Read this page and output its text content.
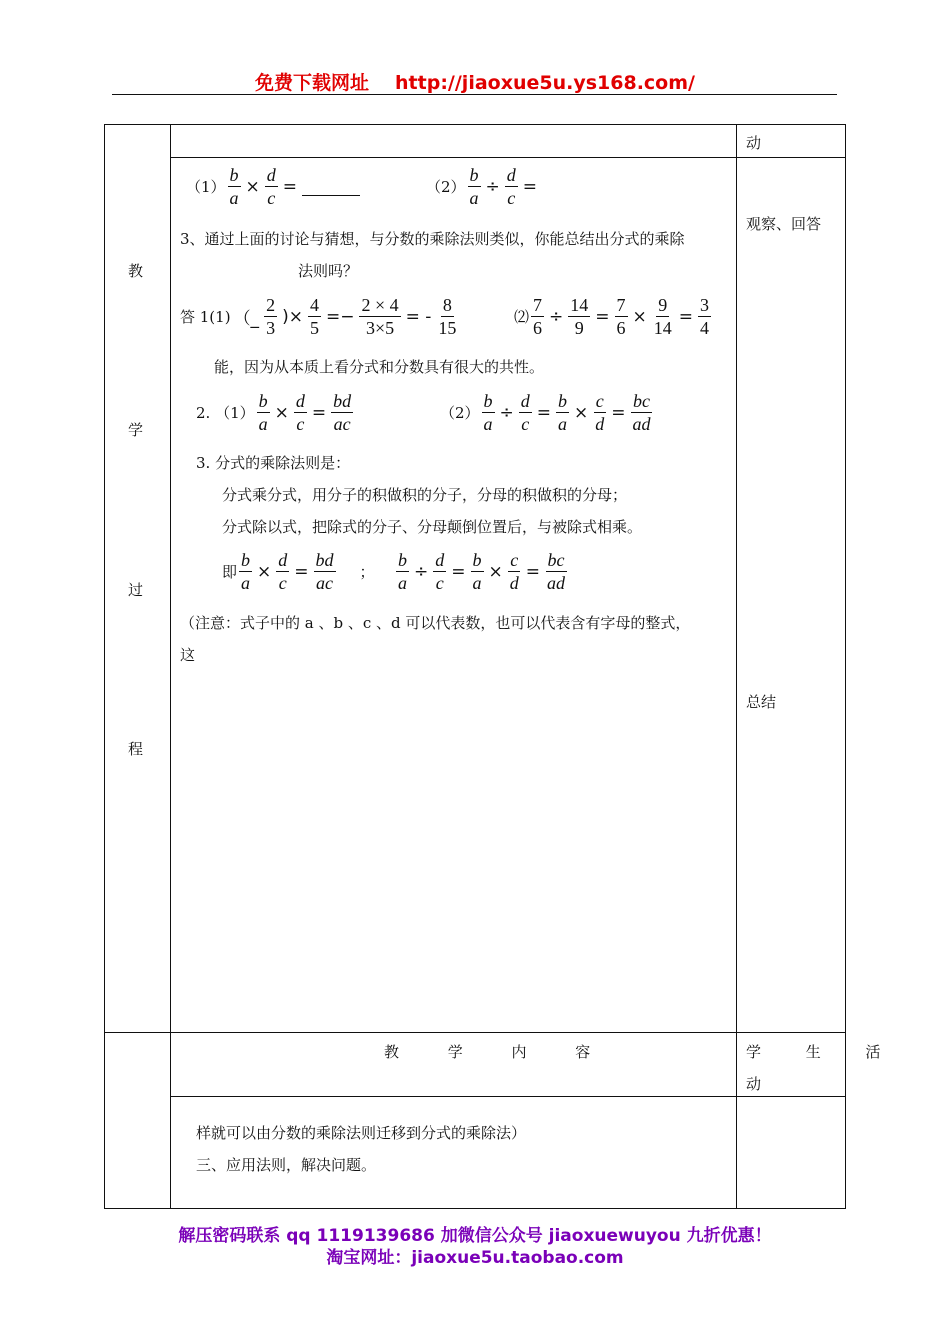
免费下载网址 http://jiaoxue5u.ys168.com/
教
学
过
程
动
观察、回答
总结
$(1) \frac{b}{a} \times \frac{d}{c}$ =	$(2) \frac{b}{a} \div \frac{d}{c}$ =
3、通过上面的讨论与猜想，与分数的乘除法则类似，你能总结出分式的乘除
法则吗？
答 1(1) （_ $\frac{2}{3}$ )× $\frac{4}{5} =- \frac{2 \times 4}{3\times 5}$ = - $\frac{8}{15}$	⑵ $\frac{7}{6} \div \frac{14}{9} = \frac{7}{6} \times \frac{9}{14} = \frac{3}{4}$
能，因为从本质上看分式和分数具有很大的共性。
2. $(1) \frac{b}{a} \times \frac{d}{c} = \frac{bd}{ac}$	$(2) \frac{b}{a} \div \frac{d}{c} = \frac{b}{a} \times \frac{c}{d} = \frac{bc}{ad}$
3. 分式的乘除法则是：
分式乘分式，用分子的积做积的分子，分母的积做积的分母；
分式除以式，把除式的分子、分母颠倒位置后，与被除式相乘。
即 $\frac{b}{a} \times \frac{d}{c} = \frac{bd}{ac}$ ； $\frac{b}{a} \div \frac{d}{c} = \frac{b}{a} \times \frac{c}{d} = \frac{bc}{ad}$
（注意：式子中的 a 、b 、c 、d 可以代表数，也可以代表含有字母的整式，
这
教 学 内 容	学 生 活
动
样就可以由分数的乘除法则迁移到分式的乘除法）
三、应用法则，解决问题。
解压密码联系 qq 1119139686 加微信公众号 jiaoxuewuyou 九折优惠！
淘宝网址：jiaoxue5u.taobao.com
